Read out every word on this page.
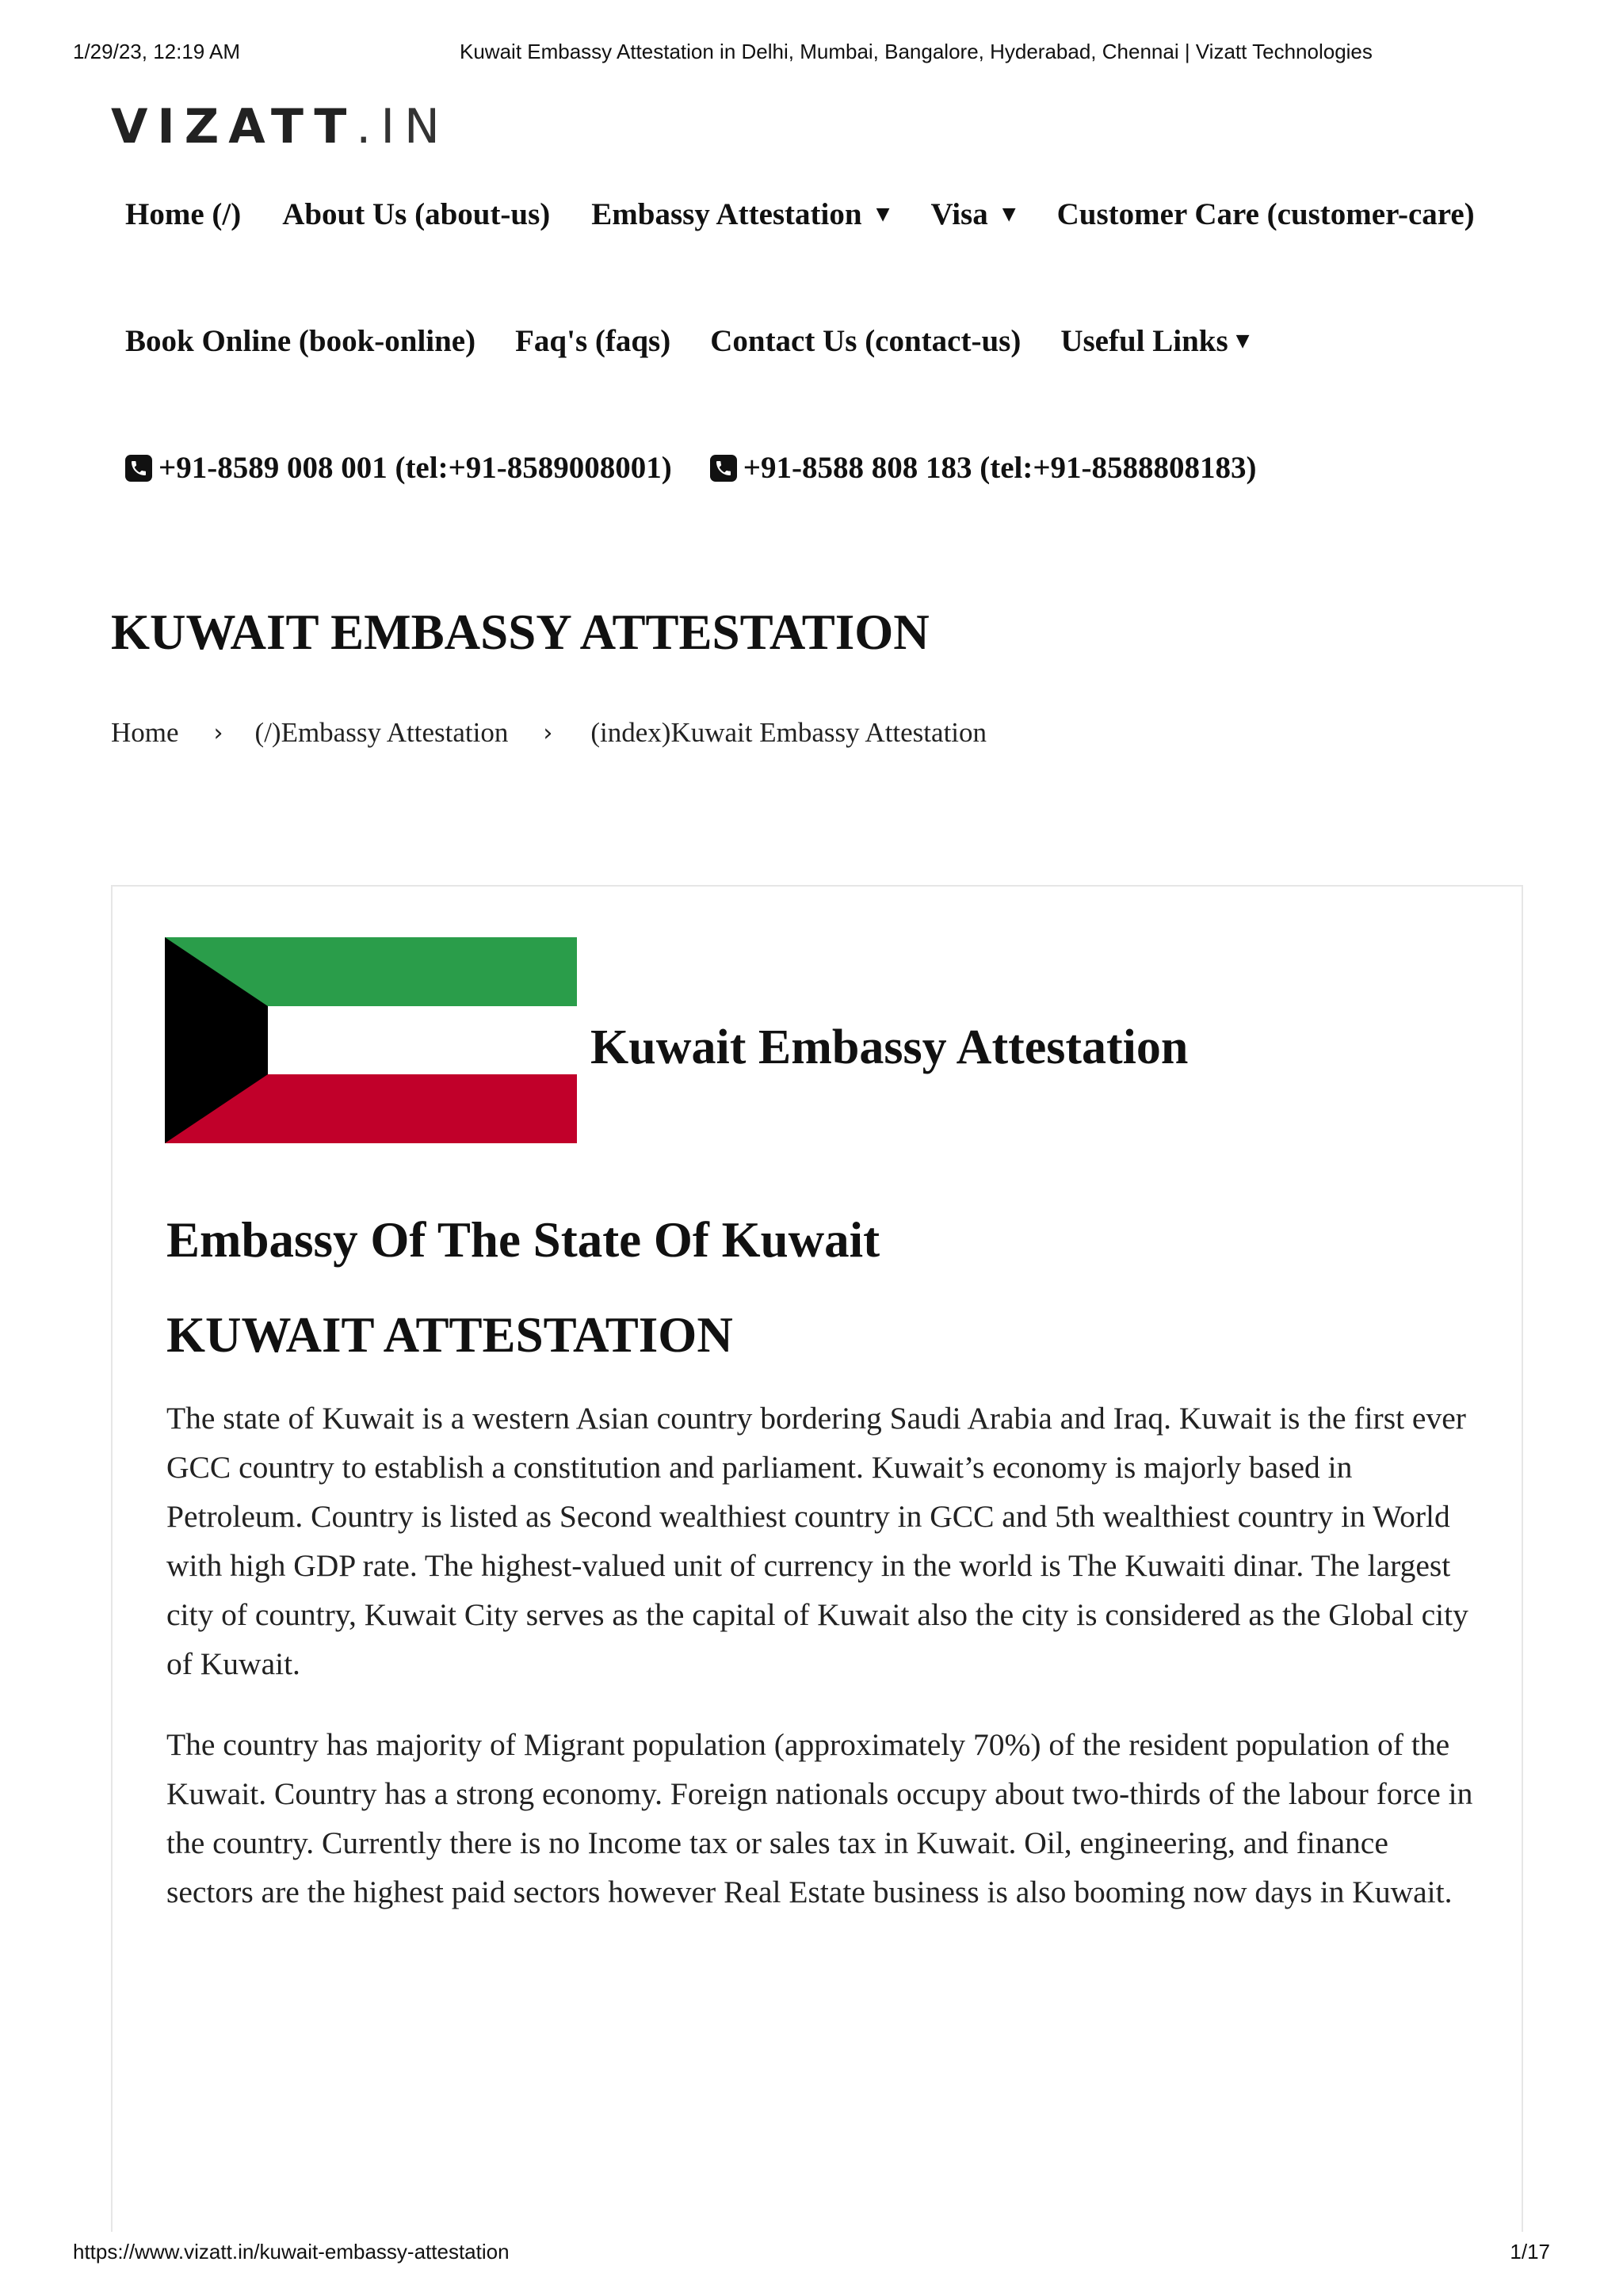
1/29/23, 12:19 AM	Kuwait Embassy Attestation in Delhi, Mumbai, Bangalore, Hyderabad, Chennai | Vizatt Technologies
VIZATT.IN
Home (/) About Us (about-us) Embassy Attestation ▼ Visa ▼ Customer Care (customer-care)
Book Online (book-online) Faq's (faqs) Contact Us (contact-us) Useful Links ▼
+91-8589 008 001 (tel:+91-8589008001) +91-8588 808 183 (tel:+91-8588808183)
KUWAIT EMBASSY ATTESTATION
Home › (/)Embassy Attestation › (index)Kuwait Embassy Attestation
Kuwait Embassy Attestation
Embassy Of The State Of Kuwait
KUWAIT ATTESTATION

The state of Kuwait is a western Asian country bordering Saudi Arabia and Iraq. Kuwait is the first ever GCC country to establish a constitution and parliament. Kuwait’s economy is majorly based in Petroleum. Country is listed as Second wealthiest country in GCC and 5th wealthiest country in World with high GDP rate. The highest-valued unit of currency in the world is The Kuwaiti dinar. The largest city of country, Kuwait City serves as the capital of Kuwait also the city is considered as the Global city of Kuwait.

The country has majority of Migrant population (approximately 70%) of the resident population of the Kuwait. Country has a strong economy. Foreign nationals occupy about two-thirds of the labour force in the country. Currently there is no Income tax or sales tax in Kuwait. Oil, engineering, and finance sectors are the highest paid sectors however Real Estate business is also booming now days in Kuwait.

https://www.vizatt.in/kuwait-embassy-attestation	1/17
